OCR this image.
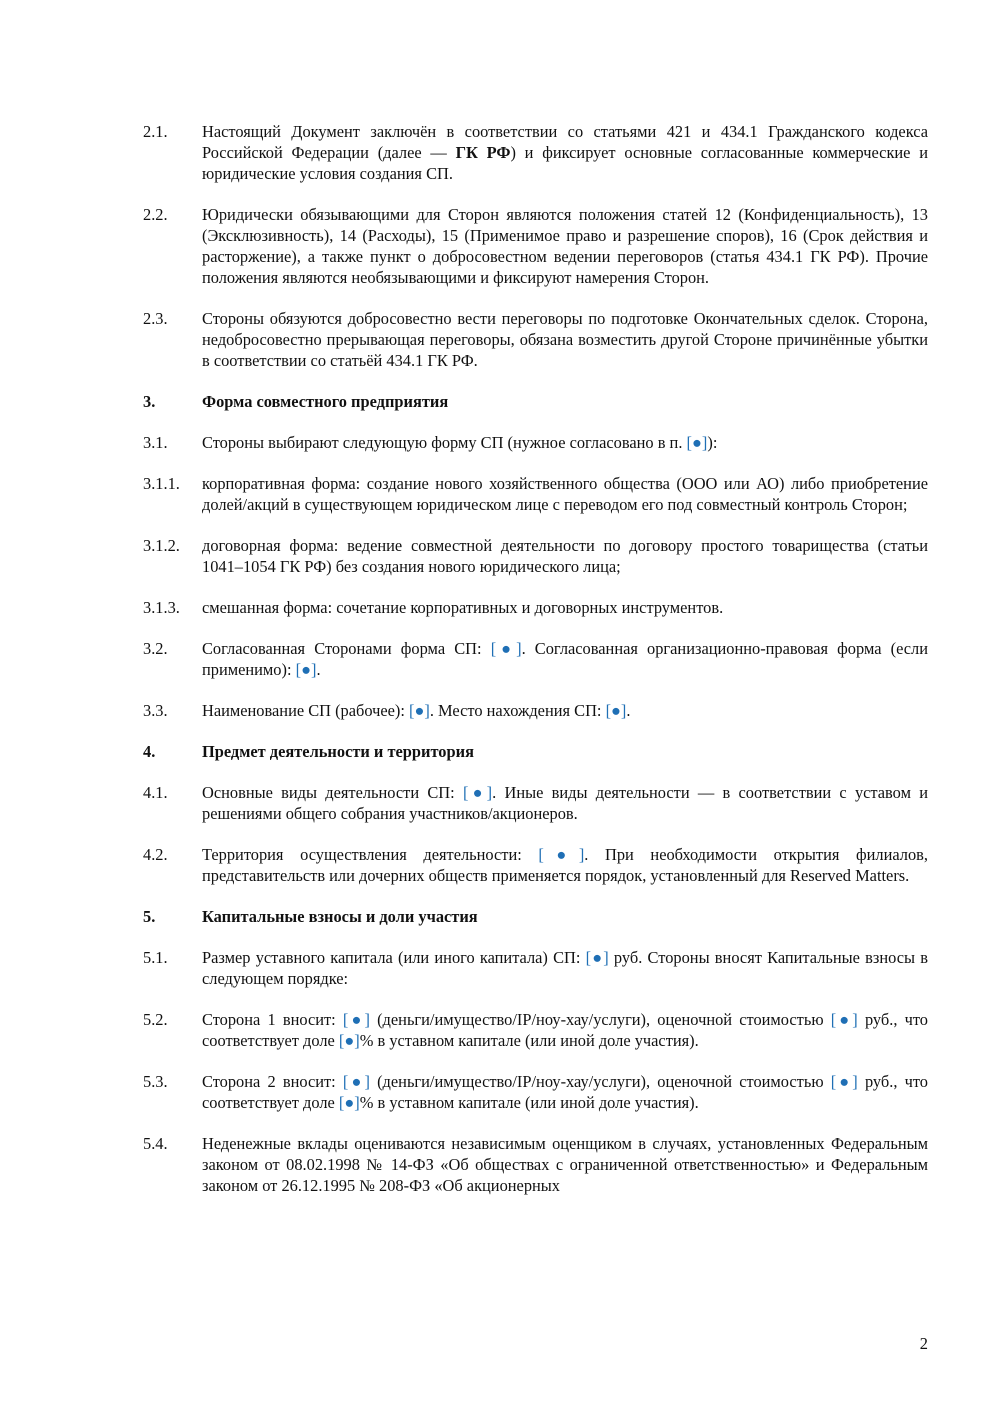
2.1.	Настоящий Документ заключён в соответствии со статьями 421 и 434.1 Гражданского кодекса Российской Федерации (далее — ГК РФ) и фиксирует основные согласованные коммерческие и юридические условия создания СП.
2.2.	Юридически обязывающими для Сторон являются положения статей 12 (Конфиденциальность), 13 (Эксклюзивность), 14 (Расходы), 15 (Применимое право и разрешение споров), 16 (Срок действия и расторжение), а также пункт о добросовестном ведении переговоров (статья 434.1 ГК РФ). Прочие положения являются необязывающими и фиксируют намерения Сторон.
2.3.	Стороны обязуются добросовестно вести переговоры по подготовке Окончательных сделок. Сторона, недобросовестно прерывающая переговоры, обязана возместить другой Стороне причинённые убытки в соответствии со статьёй 434.1 ГК РФ.
3.	Форма совместного предприятия
3.1.	Стороны выбирают следующую форму СП (нужное согласовано в п. [●]):
3.1.1.	корпоративная форма: создание нового хозяйственного общества (ООО или АО) либо приобретение долей/акций в существующем юридическом лице с переводом его под совместный контроль Сторон;
3.1.2.	договорная форма: ведение совместной деятельности по договору простого товарищества (статьи 1041–1054 ГК РФ) без создания нового юридического лица;
3.1.3.	смешанная форма: сочетание корпоративных и договорных инструментов.
3.2.	Согласованная Сторонами форма СП: [●]. Согласованная организационно-правовая форма (если применимо): [●].
3.3.	Наименование СП (рабочее): [●]. Место нахождения СП: [●].
4.	Предмет деятельности и территория
4.1.	Основные виды деятельности СП: [●]. Иные виды деятельности — в соответствии с уставом и решениями общего собрания участников/акционеров.
4.2.	Территория осуществления деятельности: [●]. При необходимости открытия филиалов, представительств или дочерних обществ применяется порядок, установленный для Reserved Matters.
5.	Капитальные взносы и доли участия
5.1.	Размер уставного капитала (или иного капитала) СП: [●] руб. Стороны вносят Капитальные взносы в следующем порядке:
5.2.	Сторона 1 вносит: [●] (деньги/имущество/IP/ноу-хау/услуги), оценочной стоимостью [●] руб., что соответствует доле [●]% в уставном капитале (или иной доле участия).
5.3.	Сторона 2 вносит: [●] (деньги/имущество/IP/ноу-хау/услуги), оценочной стоимостью [●] руб., что соответствует доле [●]% в уставном капитале (или иной доле участия).
5.4.	Неденежные вклады оцениваются независимым оценщиком в случаях, установленных Федеральным законом от 08.02.1998 № 14-ФЗ «Об обществах с ограниченной ответственностью» и Федеральным законом от 26.12.1995 № 208-ФЗ «Об акционерных
2
